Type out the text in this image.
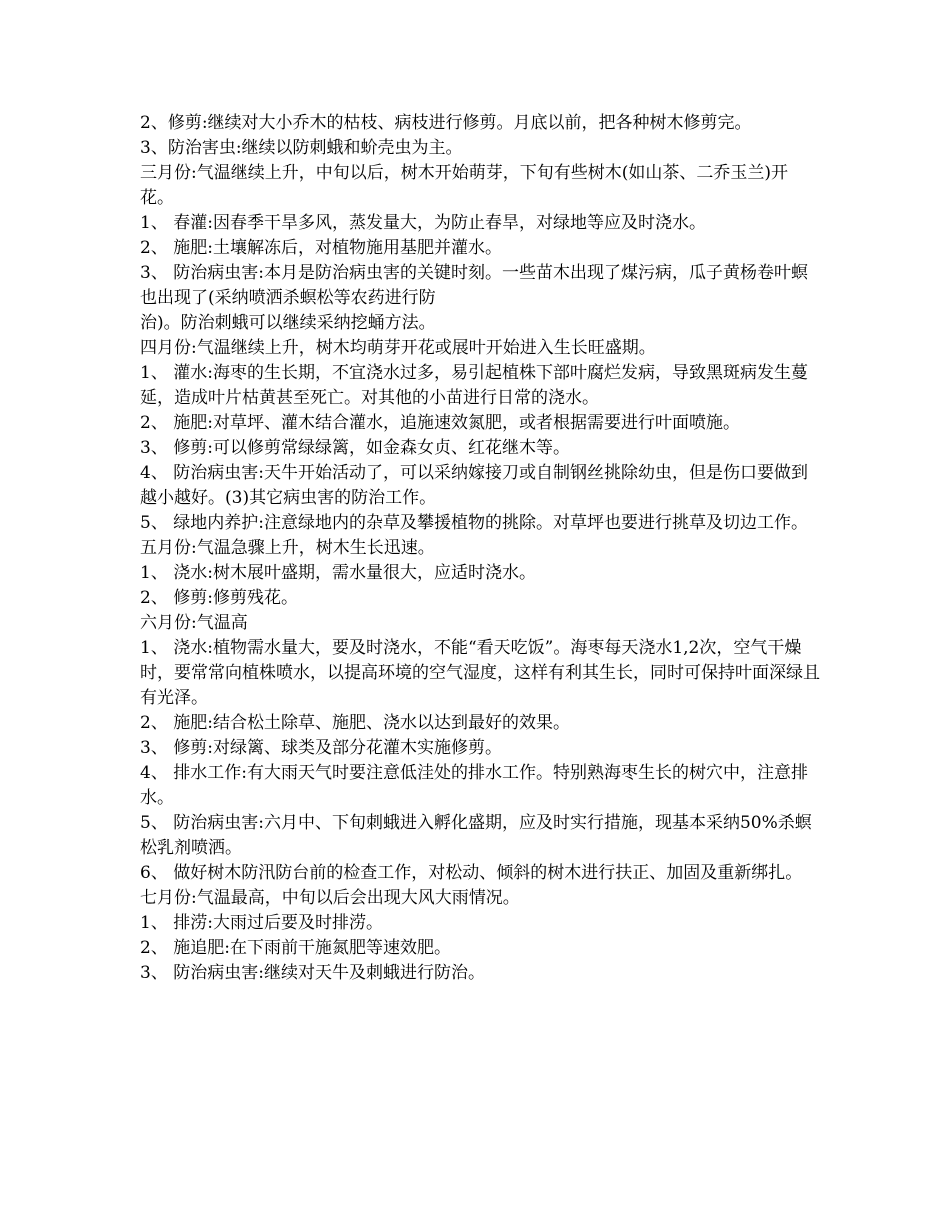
2、修剪:继续对大小乔木的枯枝、病枝进行修剪。月底以前，把各种树木修剪完。

3、防治害虫:继续以防刺蛾和蚧壳虫为主。

三月份:气温继续上升，中旬以后，树木开始萌芽，下旬有些树木(如山茶、二乔玉兰)开花。

1、 春灌:因春季干旱多风，蒸发量大，为防止春旱，对绿地等应及时浇水。

2、 施肥:土壤解冻后，对植物施用基肥并灌水。

3、 防治病虫害:本月是防治病虫害的关键时刻。一些苗木出现了煤污病，瓜子黄杨卷叶螟也出现了(采纳喷洒杀螟松等农药进行防

治)。防治刺蛾可以继续采纳挖蛹方法。

四月份:气温继续上升，树木均萌芽开花或展叶开始进入生长旺盛期。

1、 灌水:海枣的生长期，不宜浇水过多，易引起植株下部叶腐烂发病，导致黑斑病发生蔓延，造成叶片枯黄甚至死亡。对其他的小苗进行日常的浇水。

2、 施肥:对草坪、灌木结合灌水，追施速效氮肥，或者根据需要进行叶面喷施。

3、 修剪:可以修剪常绿绿篱，如金森女贞、红花继木等。

4、 防治病虫害:天牛开始活动了，可以采纳嫁接刀或自制钢丝挑除幼虫，但是伤口要做到越小越好。(3)其它病虫害的防治工作。

5、 绿地内养护:注意绿地内的杂草及攀援植物的挑除。对草坪也要进行挑草及切边工作。

五月份:气温急骤上升，树木生长迅速。

1、 浇水:树木展叶盛期，需水量很大，应适时浇水。

2、 修剪:修剪残花。

六月份:气温高

1、 浇水:植物需水量大，要及时浇水，不能“看天吃饭”。海枣每天浇水1,2次，空气干燥时，要常常向植株喷水，以提高环境的空气湿度，这样有利其生长，同时可保持叶面深绿且有光泽。

2、 施肥:结合松土除草、施肥、浇水以达到最好的效果。

3、 修剪:对绿篱、球类及部分花灌木实施修剪。

4、 排水工作:有大雨天气时要注意低洼处的排水工作。特别熟海枣生长的树穴中，注意排水。

5、 防治病虫害:六月中、下旬刺蛾进入孵化盛期，应及时实行措施，现基本采纳50%杀螟松乳剂喷洒。

6、 做好树木防汛防台前的检查工作，对松动、倾斜的树木进行扶正、加固及重新绑扎。

七月份:气温最高，中旬以后会出现大风大雨情况。

1、 排涝:大雨过后要及时排涝。

2、 施追肥:在下雨前干施氮肥等速效肥。

3、 防治病虫害:继续对天牛及刺蛾进行防治。
